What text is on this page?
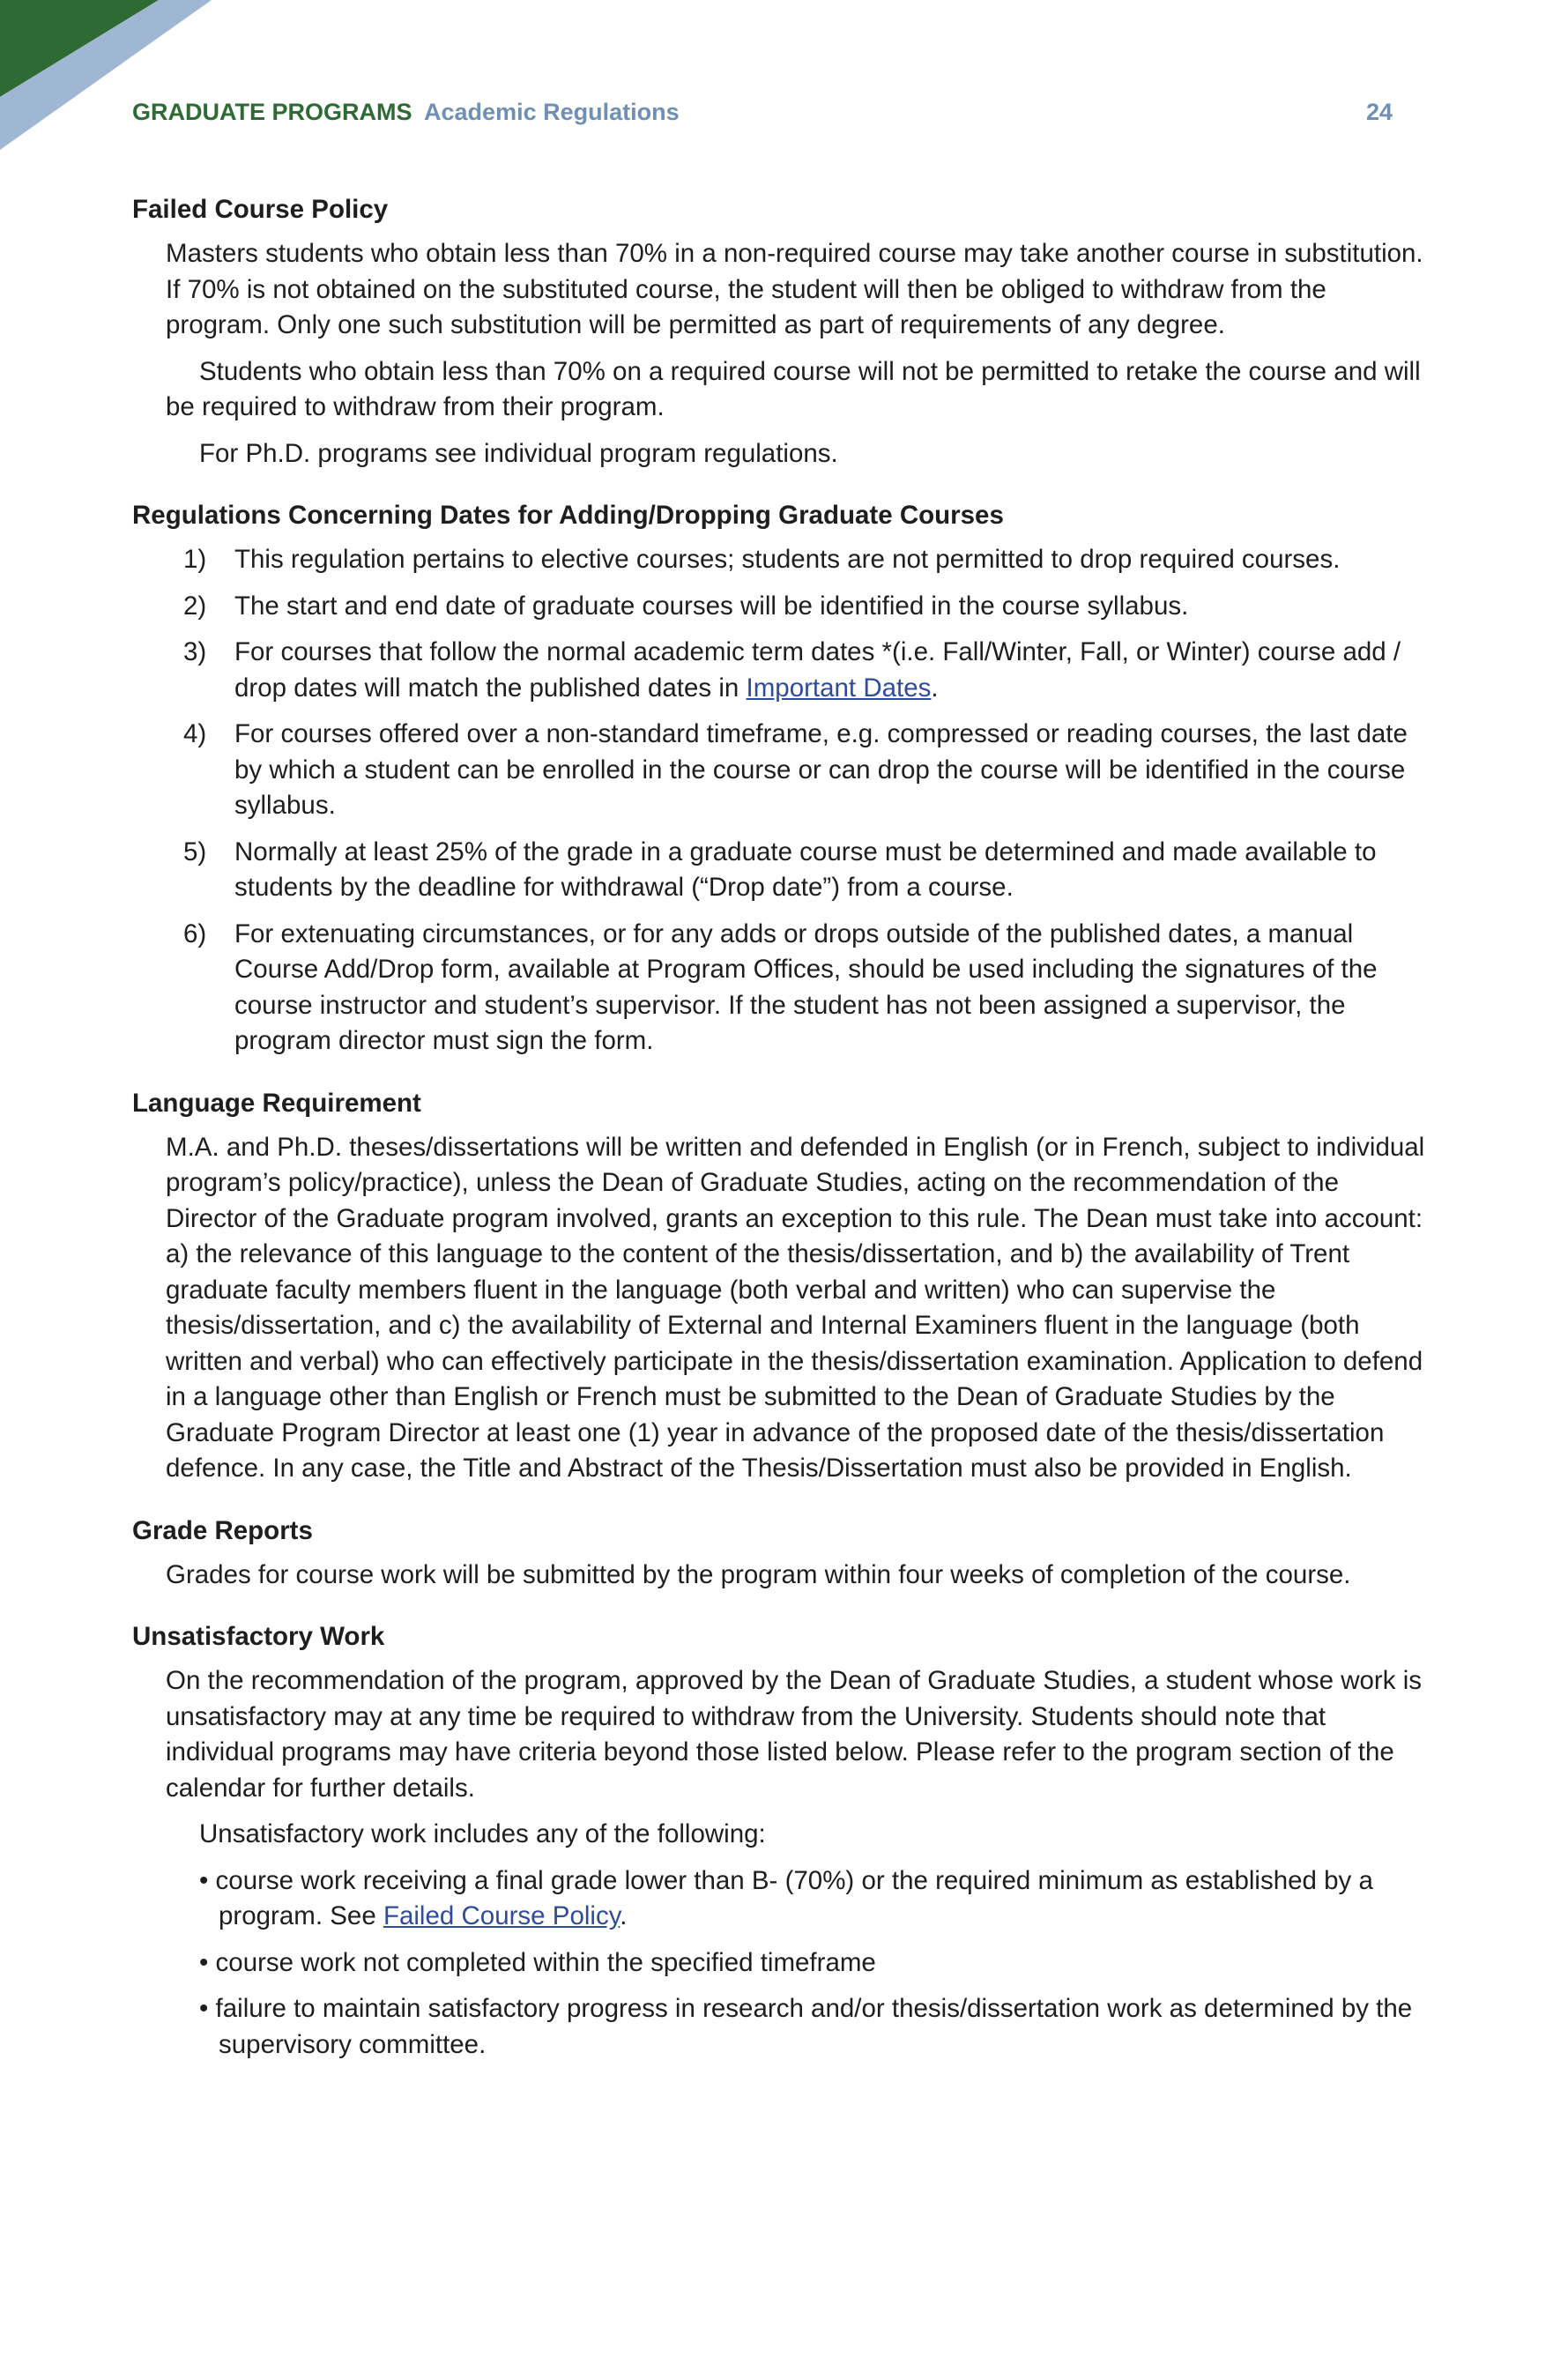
GRADUATE PROGRAMS Academic Regulations	24
Failed Course Policy

Masters students who obtain less than 70% in a non-required course may take another course in substitution. If 70% is not obtained on the substituted course, the student will then be obliged to withdraw from the program. Only one such substitution will be permitted as part of requirements of any degree.

Students who obtain less than 70% on a required course will not be permitted to retake the course and will be required to withdraw from their program.

For Ph.D. programs see individual program regulations.

Regulations Concerning Dates for Adding/Dropping Graduate Courses
1) This regulation pertains to elective courses; students are not permitted to drop required courses.
2) The start and end date of graduate courses will be identified in the course syllabus.
3) For courses that follow the normal academic term dates *(i.e. Fall/Winter, Fall, or Winter) course add / drop dates will match the published dates in Important Dates.
4) For courses offered over a non-standard timeframe, e.g. compressed or reading courses, the last date by which a student can be enrolled in the course or can drop the course will be identified in the course syllabus.
5) Normally at least 25% of the grade in a graduate course must be determined and made available to students by the deadline for withdrawal (“Drop date”) from a course.
6) For extenuating circumstances, or for any adds or drops outside of the published dates, a manual Course Add/Drop form, available at Program Offices, should be used including the signatures of the course instructor and student’s supervisor. If the student has not been assigned a supervisor, the program director must sign the form.
Language Requirement

M.A. and Ph.D. theses/dissertations will be written and defended in English (or in French, subject to individual program’s policy/practice), unless the Dean of Graduate Studies, acting on the recommendation of the Director of the Graduate program involved, grants an exception to this rule. The Dean must take into account: a) the relevance of this language to the content of the thesis/dissertation, and b) the availability of Trent graduate faculty members fluent in the language (both verbal and written) who can supervise the thesis/dissertation, and c) the availability of External and Internal Examiners fluent in the language (both written and verbal) who can effectively participate in the thesis/dissertation examination. Application to defend in a language other than English or French must be submitted to the Dean of Graduate Studies by the Graduate Program Director at least one (1) year in advance of the proposed date of the thesis/dissertation defence. In any case, the Title and Abstract of the Thesis/Dissertation must also be provided in English.

Grade Reports

Grades for course work will be submitted by the program within four weeks of completion of the course.

Unsatisfactory Work

On the recommendation of the program, approved by the Dean of Graduate Studies, a student whose work is unsatisfactory may at any time be required to withdraw from the University. Students should note that individual programs may have criteria beyond those listed below. Please refer to the program section of the calendar for further details.

Unsatisfactory work includes any of the following:

• course work receiving a final grade lower than B- (70%) or the required minimum as established by a program. See Failed Course Policy.
• course work not completed within the specified timeframe
• failure to maintain satisfactory progress in research and/or thesis/dissertation work as determined by the supervisory committee.
